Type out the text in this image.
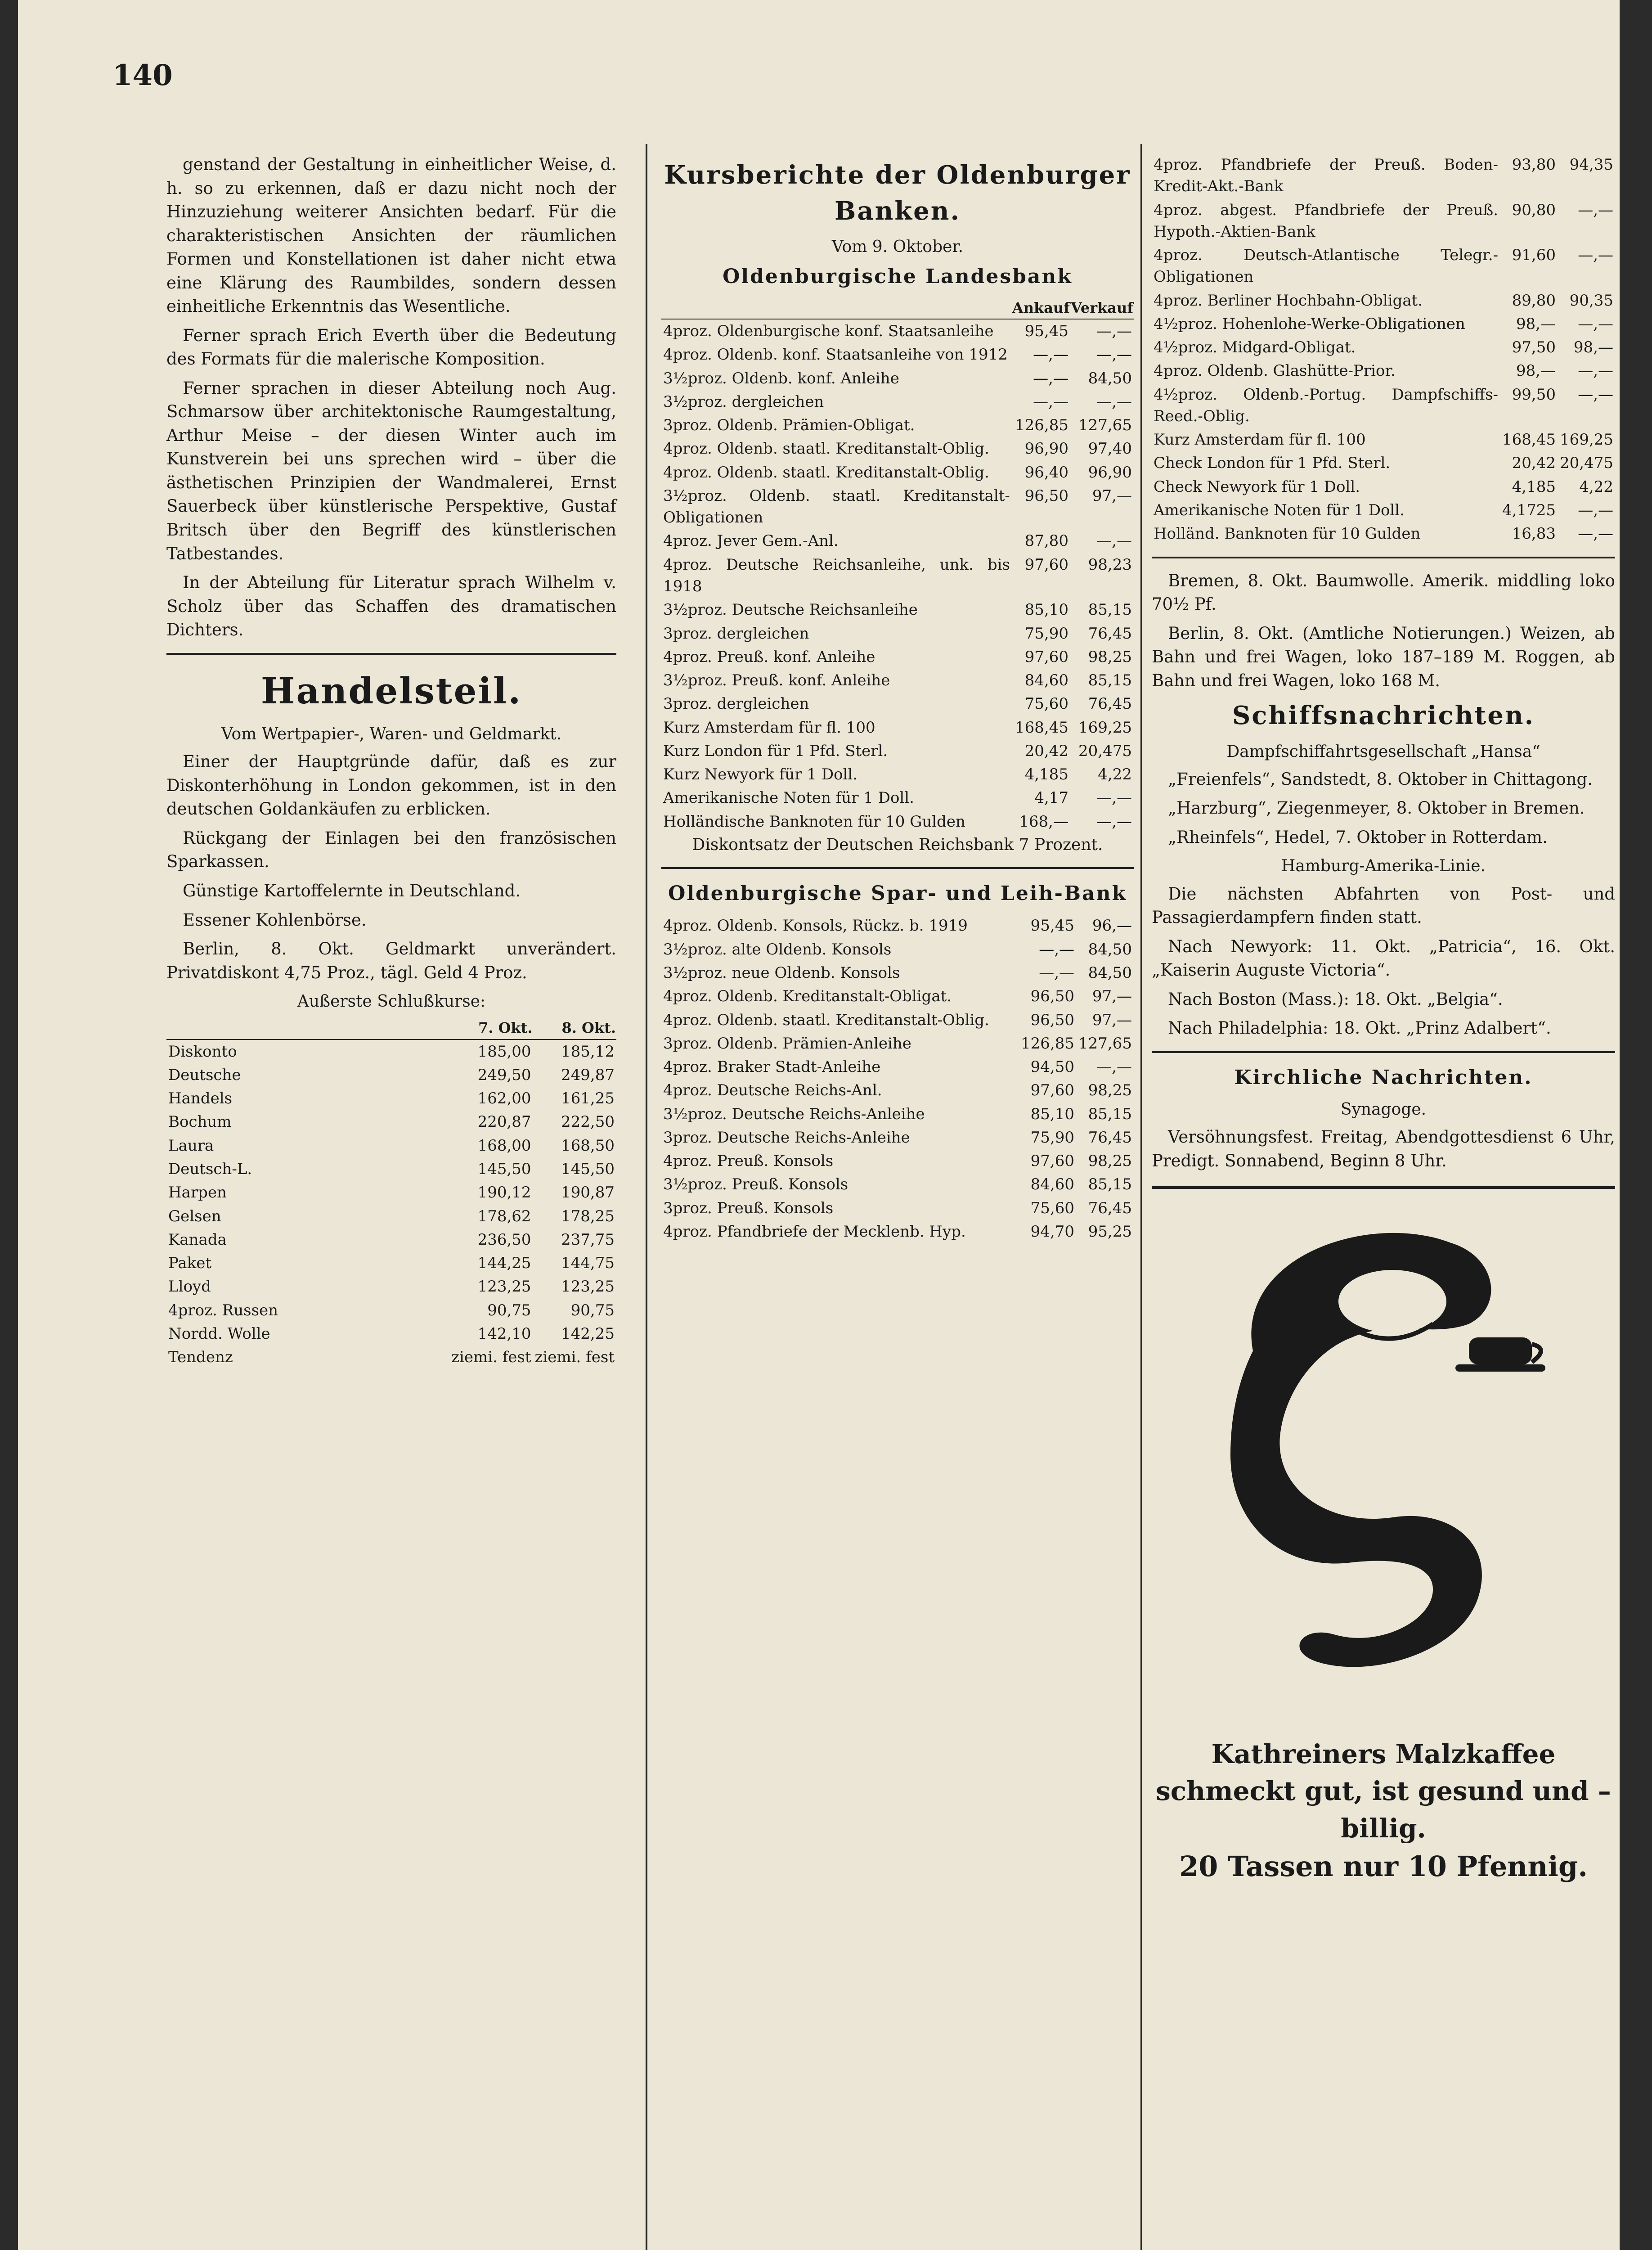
140

genstand der Gestaltung in einheitlicher Weise, d. h. so zu erkennen, daß er dazu nicht noch der Hinzuziehung weiterer Ansichten bedarf. Für die charakteristischen Ansichten der räumlichen Formen und Konstellationen ist daher nicht etwa eine Klärung des Raumbildes, sondern dessen einheitliche Erkenntnis das Wesentliche.

Ferner sprach Erich Everth über die Bedeutung des Formats für die malerische Komposition.

Ferner sprachen in dieser Abteilung noch Aug. Schmarsow über architektonische Raumgestaltung, Arthur Meise – der diesen Winter auch im Kunstverein bei uns sprechen wird – über die ästhetischen Prinzipien der Wandmalerei, Ernst Sauerbeck über künstlerische Perspektive, Gustaf Britsch über den Begriff des künstlerischen Tatbestandes.

In der Abteilung für Literatur sprach Wilhelm v. Scholz über das Schaffen des dramatischen Dichters.

Handelsteil.
Vom Wertpapier-, Waren- und Geldmarkt.

Einer der Hauptgründe dafür, daß es zur Diskonterhöhung in London gekommen, ist in den deutschen Goldankäufen zu erblicken.

Rückgang der Einlagen bei den französischen Sparkassen.

Günstige Kartoffelernte in Deutschland.

Essener Kohlenbörse.

Berlin, 8. Okt. Geldmarkt unverändert. Privatdiskont 4,75 Proz., tägl. Geld 4 Proz.

Außerste Schlußkurse:
	7. Okt.	8. Okt.
Diskonto	185,00	185,12
Deutsche	249,50	249,87
Handels	162,00	161,25
Bochum	220,87	222,50
Laura	168,00	168,50
Deutsch-L.	145,50	145,50
Harpen	190,12	190,87
Gelsen	178,62	178,25
Kanada	236,50	237,75
Paket	144,25	144,75
Lloyd	123,25	123,25
4proz. Russen	90,75	90,75
Nordd. Wolle	142,10	142,25
Tendenz	ziemi. fest	ziemi. fest
Kursberichte der Oldenburger Banken.
Vom 9. Oktober.
Oldenburgische Landesbank
	Ankauf	Verkauf
4proz. Oldenburgische konf. Staatsanleihe	95,45	—,—
4proz. Oldenb. konf. Staatsanleihe von 1912	—,—	—,—
3½proz. Oldenb. konf. Anleihe	—,—	84,50
3½proz. dergleichen	—,—	—,—
3proz. Oldenb. Prämien-Obligat.	126,85	127,65
4proz. Oldenb. staatl. Kreditanstalt-Oblig.	96,90	97,40
4proz. Oldenb. staatl. Kreditanstalt-Oblig.	96,40	96,90
3½proz. Oldenb. staatl. Kreditanstalt-Obligationen	96,50	97,—
4proz. Jever Gem.-Anl.	87,80	—,—
4proz. Deutsche Reichsanleihe, unk. bis 1918	97,60	98,23
3½proz. Deutsche Reichsanleihe	85,10	85,15
3proz. dergleichen	75,90	76,45
4proz. Preuß. konf. Anleihe	97,60	98,25
3½proz. Preuß. konf. Anleihe	84,60	85,15
3proz. dergleichen	75,60	76,45
Kurz Amsterdam für fl. 100	168,45	169,25
Kurz London für 1 Pfd. Sterl.	20,42	20,475
Kurz Newyork für 1 Doll.	4,185	4,22
Amerikanische Noten für 1 Doll.	4,17	—,—
Holländische Banknoten für 10 Gulden	168,—	—,—
Diskontsatz der Deutschen Reichsbank 7 Prozent.
Oldenburgische Spar- und Leih-Bank
4proz. Oldenb. Konsols, Rückz. b. 1919	95,45	96,—
3½proz. alte Oldenb. Konsols	—,—	84,50
3½proz. neue Oldenb. Konsols	—,—	84,50
4proz. Oldenb. Kreditanstalt-Obligat.	96,50	97,—
4proz. Oldenb. staatl. Kreditanstalt-Oblig.	96,50	97,—
3proz. Oldenb. Prämien-Anleihe	126,85	127,65
4proz. Braker Stadt-Anleihe	94,50	—,—
4proz. Deutsche Reichs-Anl.	97,60	98,25
3½proz. Deutsche Reichs-Anleihe	85,10	85,15
3proz. Deutsche Reichs-Anleihe	75,90	76,45
4proz. Preuß. Konsols	97,60	98,25
3½proz. Preuß. Konsols	84,60	85,15
3proz. Preuß. Konsols	75,60	76,45
4proz. Pfandbriefe der Mecklenb. Hyp.	94,70	95,25
4proz. Pfandbriefe der Preuß. Boden-Kredit-Akt.-Bank	93,80	94,35
4proz. abgest. Pfandbriefe der Preuß. Hypoth.-Aktien-Bank	90,80	—,—
4proz. Deutsch-Atlantische Telegr.-Obligationen	91,60	—,—
4proz. Berliner Hochbahn-Obligat.	89,80	90,35
4½proz. Hohenlohe-Werke-Obligationen	98,—	—,—
4½proz. Midgard-Obligat.	97,50	98,—
4proz. Oldenb. Glashütte-Prior.	98,—	—,—
4½proz. Oldenb.-Portug. Dampfschiffs-Reed.-Oblig.	99,50	—,—
Kurz Amsterdam für fl. 100	168,45	169,25
Check London für 1 Pfd. Sterl.	20,42	20,475
Check Newyork für 1 Doll.	4,185	4,22
Amerikanische Noten für 1 Doll.	4,1725	—,—
Holländ. Banknoten für 10 Gulden	16,83	—,—

Bremen, 8. Okt. Baumwolle. Amerik. middling loko 70½ Pf.

Berlin, 8. Okt. (Amtliche Notierungen.) Weizen, ab Bahn und frei Wagen, loko 187–189 M. Roggen, ab Bahn und frei Wagen, loko 168 M.

Schiffsnachrichten.
Dampfschiffahrtsgesellschaft „Hansa“

„Freienfels“, Sandstedt, 8. Oktober in Chittagong.

„Harzburg“, Ziegenmeyer, 8. Oktober in Bremen.

„Rheinfels“, Hedel, 7. Oktober in Rotterdam.

Hamburg-Amerika-Linie.

Die nächsten Abfahrten von Post- und Passagierdampfern finden statt.

Nach Newyork: 11. Okt. „Patricia“, 16. Okt. „Kaiserin Auguste Victoria“.

Nach Boston (Mass.): 18. Okt. „Belgia“.

Nach Philadelphia: 18. Okt. „Prinz Adalbert“.

Kirchliche Nachrichten.
Synagoge.

Versöhnungsfest. Freitag, Abendgottesdienst 6 Uhr, Predigt. Sonnabend, Beginn 8 Uhr.

Kathreiners Malzkaffee schmeckt gut, ist gesund und – billig.
20 Tassen nur 10 Pfennig.
